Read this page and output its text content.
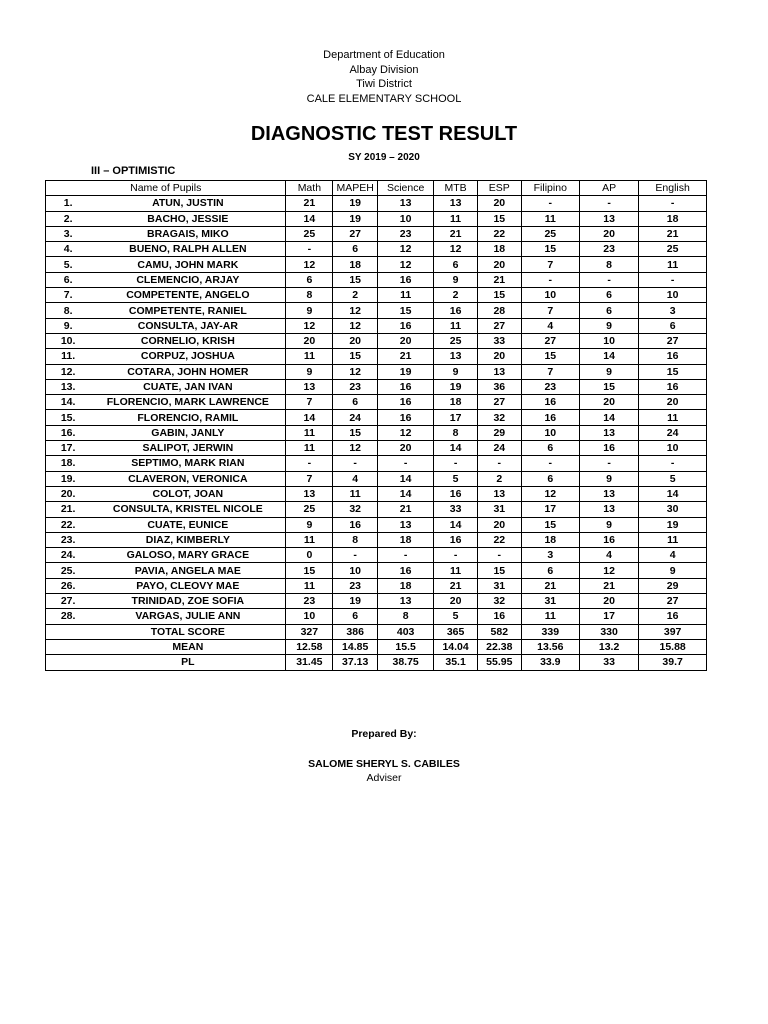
Department of Education
Albay Division
Tiwi District
CALE ELEMENTARY SCHOOL
DIAGNOSTIC TEST RESULT
SY 2019 – 2020
III – OPTIMISTIC
Name of Pupils		Math	MAPEH	Science	MTB	ESP	Filipino	AP	English
1.	ATUN, JUSTIN	21	19	13	13	20	-	-	-
2.	BACHO, JESSIE	14	19	10	11	15	11	13	18
3.	BRAGAIS, MIKO	25	27	23	21	22	25	20	21
4.	BUENO, RALPH ALLEN	-	6	12	12	18	15	23	25
5.	CAMU, JOHN MARK	12	18	12	6	20	7	8	11
6.	CLEMENCIO, ARJAY	6	15	16	9	21	-	-	-
7.	COMPETENTE, ANGELO	8	2	11	2	15	10	6	10
8.	COMPETENTE, RANIEL	9	12	15	16	28	7	6	3
9.	CONSULTA, JAY-AR	12	12	16	11	27	4	9	6
10.	CORNELIO, KRISH	20	20	20	25	33	27	10	27
11.	CORPUZ, JOSHUA	11	15	21	13	20	15	14	16
12.	COTARA, JOHN HOMER	9	12	19	9	13	7	9	15
13.	CUATE, JAN IVAN	13	23	16	19	36	23	15	16
14.	FLORENCIO, MARK LAWRENCE	7	6	16	18	27	16	20	20
15.	FLORENCIO, RAMIL	14	24	16	17	32	16	14	11
16.	GABIN, JANLY	11	15	12	8	29	10	13	24
17.	SALIPOT, JERWIN	11	12	20	14	24	6	16	10
18.	SEPTIMO, MARK RIAN	-	-	-	-	-	-	-	-
19.	CLAVERON, VERONICA	7	4	14	5	2	6	9	5
20.	COLOT, JOAN	13	11	14	16	13	12	13	14
21.	CONSULTA, KRISTEL NICOLE	25	32	21	33	31	17	13	30
22.	CUATE, EUNICE	9	16	13	14	20	15	9	19
23.	DIAZ, KIMBERLY	11	8	18	16	22	18	16	11
24.	GALOSO, MARY GRACE	0	-	-	-	-	3	4	4
25.	PAVIA, ANGELA MAE	15	10	16	11	15	6	12	9
26.	PAYO, CLEOVY MAE	11	23	18	21	31	21	21	29
27.	TRINIDAD, ZOE SOFIA	23	19	13	20	32	31	20	27
28.	VARGAS, JULIE ANN	10	6	8	5	16	11	17	16
	TOTAL SCORE	327	386	403	365	582	339	330	397
	MEAN	12.58	14.85	15.5	14.04	22.38	13.56	13.2	15.88
	PL	31.45	37.13	38.75	35.1	55.95	33.9	33	39.7
Prepared By:
SALOME SHERYL S. CABILES
Adviser
